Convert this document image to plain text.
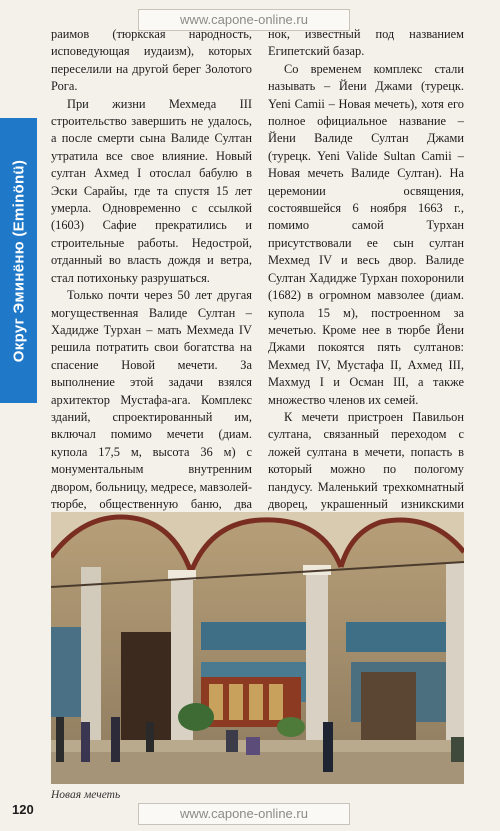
www.capone-online.ru
Округ Эминёню (Eminönü)

раимов (тюркская народность, исповедующая иудаизм), которых переселили на другой берег Золотого Рога.

При жизни Мехмеда III строительство завершить не удалось, а после смерти сына Валиде Султан утратила все свое влияние. Новый султан Ахмед I отослал бабулю в Эски Сарайы, где та спустя 15 лет умерла. Одновременно с ссылкой (1603) Сафие прекратились и строительные работы. Недострой, отданный во власть дождя и ветра, стал потихоньку разрушаться.

Только почти через 50 лет другая могущественная Валиде Султан – Хадидже Турхан – мать Мехмеда IV решила потратить свои богатства на спасение Новой мечети. За выполнение этой задачи взялся архитектор Мустафа-ага. Комплекс зданий, спроектированный им, включал помимо мечети (диам. купола 17,5 м, высота 36 м) с монументальным внутренним двором, больницу, медресе, мавзолей-тюрбе, общественную баню, два

нок, известный под названием Египетский базар.

Со временем комплекс стали называть – Йени Джами (турецк. Yeni Camii – Новая мечеть), хотя его полное официальное название – Йени Валиде Султан Джами (турецк. Yeni Valide Sultan Camii – Новая мечеть Валиде Султан). На церемонии освящения, состоявшейся 6 ноября 1663 г., помимо самой Турхан присутствовали ее сын султан Мехмед IV и весь двор. Валиде Султан Хадидже Турхан похоронили (1682) в огромном мавзолее (диам. купола 15 м), построенном за мечетью. Кроме нее в тюрбе Йени Джами покоятся пять султанов: Мехмед IV, Мустафа II, Ахмед III, Махмуд I и Осман III, а также множество членов их семей.

К мечети пристроен Павильон султана, связанный переходом с ложей султана в мечети, попасть в который можно по пологому пандусу. Маленький трехкомнатный дворец, украшенный изникскими

Новая мечеть
120	www.capone-online.ru
